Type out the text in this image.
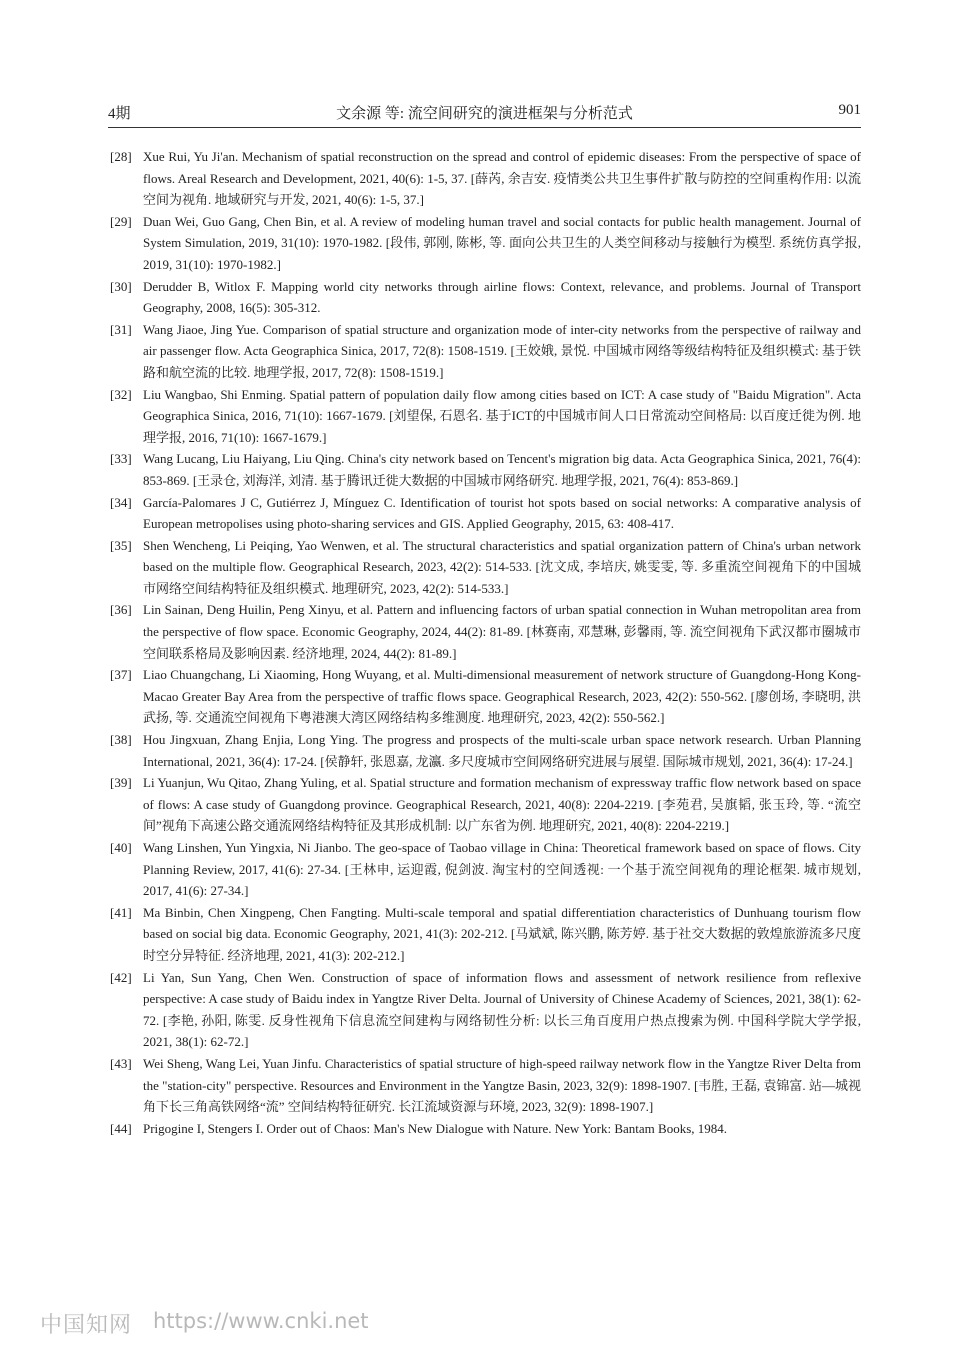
4期	文余源 等: 流空间研究的演进框架与分析范式	901
[28] Xue Rui, Yu Ji'an. Mechanism of spatial reconstruction on the spread and control of epidemic diseases: From the perspective of space of flows. Areal Research and Development, 2021, 40(6): 1-5, 37. [薛芮, 余吉安. 疫情类公共卫生事件扩散与防控的空间重构作用: 以流空间为视角. 地域研究与开发, 2021, 40(6): 1-5, 37.]
[29] Duan Wei, Guo Gang, Chen Bin, et al. A review of modeling human travel and social contacts for public health management. Journal of System Simulation, 2019, 31(10): 1970-1982. [段伟, 郭刚, 陈彬, 等. 面向公共卫生的人类空间移动与接触行为模型. 系统仿真学报, 2019, 31(10): 1970-1982.]
[30] Derudder B, Witlox F. Mapping world city networks through airline flows: Context, relevance, and problems. Journal of Transport Geography, 2008, 16(5): 305-312.
[31] Wang Jiaoe, Jing Yue. Comparison of spatial structure and organization mode of inter-city networks from the perspective of railway and air passenger flow. Acta Geographica Sinica, 2017, 72(8): 1508-1519. [王姣娥, 景悦. 中国城市网络等级结构特征及组织模式: 基于铁路和航空流的比较. 地理学报, 2017, 72(8): 1508-1519.]
[32] Liu Wangbao, Shi Enming. Spatial pattern of population daily flow among cities based on ICT: A case study of "Baidu Migration". Acta Geographica Sinica, 2016, 71(10): 1667-1679. [刘望保, 石恩名. 基于ICT的中国城市间人口日常流动空间格局: 以百度迁徙为例. 地理学报, 2016, 71(10): 1667-1679.]
[33] Wang Lucang, Liu Haiyang, Liu Qing. China's city network based on Tencent's migration big data. Acta Geographica Sinica, 2021, 76(4): 853-869. [王录仓, 刘海洋, 刘清. 基于腾讯迁徙大数据的中国城市网络研究. 地理学报, 2021, 76(4): 853-869.]
[34] García-Palomares J C, Gutiérrez J, Mínguez C. Identification of tourist hot spots based on social networks: A comparative analysis of European metropolises using photo-sharing services and GIS. Applied Geography, 2015, 63: 408-417.
[35] Shen Wencheng, Li Peiqing, Yao Wenwen, et al. The structural characteristics and spatial organization pattern of China's urban network based on the multiple flow. Geographical Research, 2023, 42(2): 514-533. [沈文成, 李培庆, 姚雯雯, 等. 多重流空间视角下的中国城市网络空间结构特征及组织模式. 地理研究, 2023, 42(2): 514-533.]
[36] Lin Sainan, Deng Huilin, Peng Xinyu, et al. Pattern and influencing factors of urban spatial connection in Wuhan metropolitan area from the perspective of flow space. Economic Geography, 2024, 44(2): 81-89. [林赛南, 邓慧琳, 彭馨雨, 等. 流空间视角下武汉都市圈城市空间联系格局及影响因素. 经济地理, 2024, 44(2): 81-89.]
[37] Liao Chuangchang, Li Xiaoming, Hong Wuyang, et al. Multi-dimensional measurement of network structure of Guangdong-Hong Kong-Macao Greater Bay Area from the perspective of traffic flows space. Geographical Research, 2023, 42(2): 550-562. [廖创场, 李晓明, 洪武扬, 等. 交通流空间视角下粤港澳大湾区网络结构多维测度. 地理研究, 2023, 42(2): 550-562.]
[38] Hou Jingxuan, Zhang Enjia, Long Ying. The progress and prospects of the multi-scale urban space network research. Urban Planning International, 2021, 36(4): 17-24. [侯静轩, 张恩嘉, 龙瀛. 多尺度城市空间网络研究进展与展望. 国际城市规划, 2021, 36(4): 17-24.]
[39] Li Yuanjun, Wu Qitao, Zhang Yuling, et al. Spatial structure and formation mechanism of expressway traffic flow network based on space of flows: A case study of Guangdong province. Geographical Research, 2021, 40(8): 2204-2219. [李苑君, 吴旗韬, 张玉玲, 等. “流空间”视角下高速公路交通流网络结构特征及其形成机制: 以广东省为例. 地理研究, 2021, 40(8): 2204-2219.]
[40] Wang Linshen, Yun Yingxia, Ni Jianbo. The geo-space of Taobao village in China: Theoretical framework based on space of flows. City Planning Review, 2017, 41(6): 27-34. [王林申, 运迎霞, 倪剑波. 淘宝村的空间透视: 一个基于流空间视角的理论框架. 城市规划, 2017, 41(6): 27-34.]
[41] Ma Binbin, Chen Xingpeng, Chen Fangting. Multi-scale temporal and spatial differentiation characteristics of Dunhuang tourism flow based on social big data. Economic Geography, 2021, 41(3): 202-212. [马斌斌, 陈兴鹏, 陈芳婷. 基于社交大数据的敦煌旅游流多尺度时空分异特征. 经济地理, 2021, 41(3): 202-212.]
[42] Li Yan, Sun Yang, Chen Wen. Construction of space of information flows and assessment of network resilience from reflexive perspective: A case study of Baidu index in Yangtze River Delta. Journal of University of Chinese Academy of Sciences, 2021, 38(1): 62-72. [李艳, 孙阳, 陈雯. 反身性视角下信息流空间建构与网络韧性分析: 以长三角百度用户热点搜索为例. 中国科学院大学学报, 2021, 38(1): 62-72.]
[43] Wei Sheng, Wang Lei, Yuan Jinfu. Characteristics of spatial structure of high-speed railway network flow in the Yangtze River Delta from the "station-city" perspective. Resources and Environment in the Yangtze Basin, 2023, 32(9): 1898-1907. [韦胜, 王磊, 袁锦富. 站—城视角下长三角高铁网络“流” 空间结构特征研究. 长江流域资源与环境, 2023, 32(9): 1898-1907.]
[44] Prigogine I, Stengers I. Order out of Chaos: Man's New Dialogue with Nature. New York: Bantam Books, 1984.
中国知网 https://www.cnki.net
